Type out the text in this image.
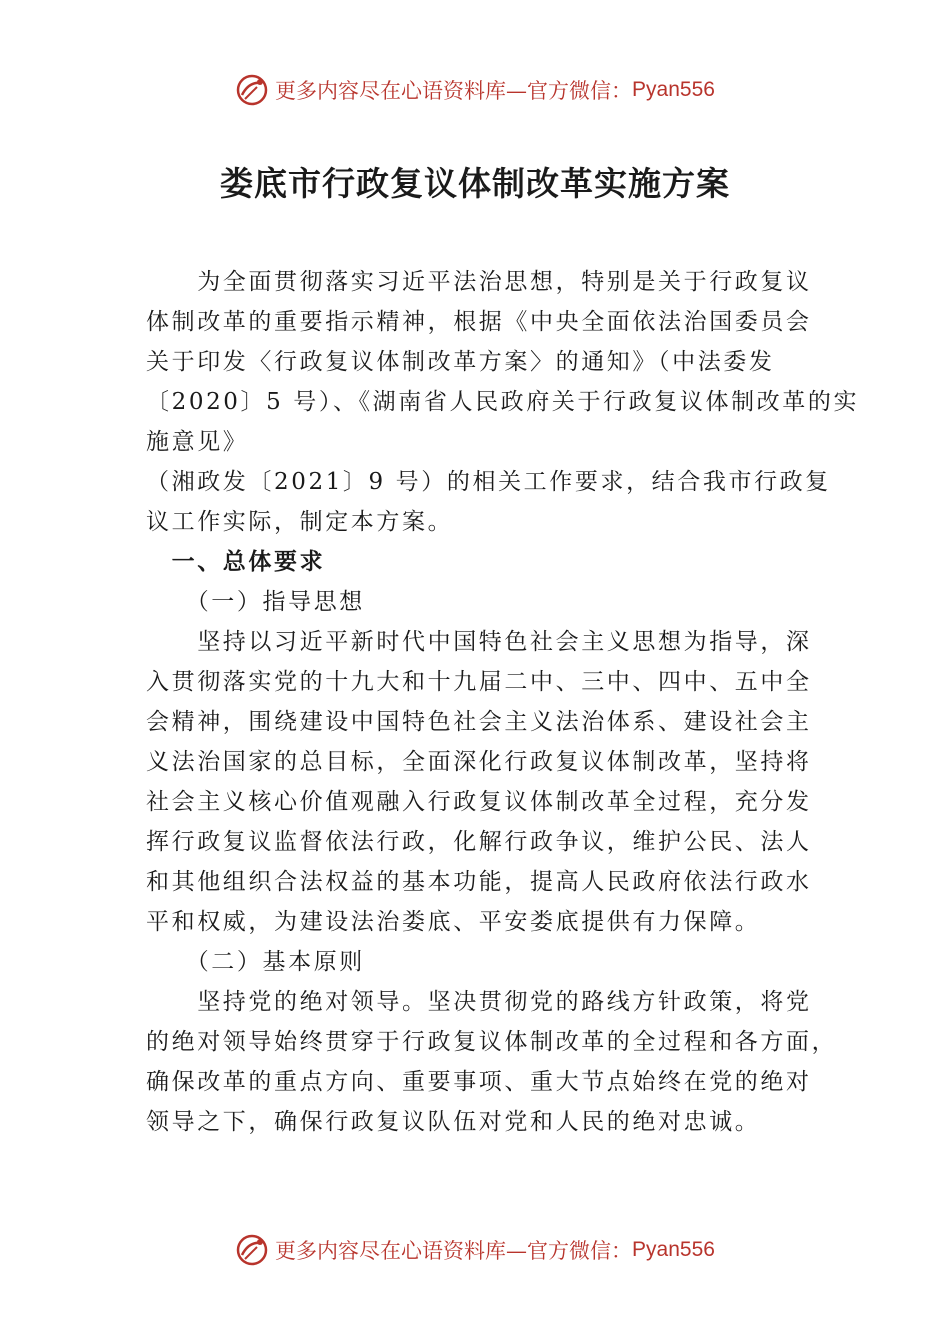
更多内容尽在心语资料库—官方微信： Pyan556
娄底市行政复议体制改革实施方案
　　为全面贯彻落实习近平法治思想，特别是关于行政复议
体制改革的重要指示精神，根据《中央全面依法治国委员会
关于印发〈行政复议体制改革方案〉的通知》（中法委发
〔2020〕5 号）、《湖南省人民政府关于行政复议体制改革的实
施意见》
（湘政发〔2021〕9 号）的相关工作要求，结合我市行政复
议工作实际，制定本方案。
　一、总体要求
　　（一）指导思想
　　坚持以习近平新时代中国特色社会主义思想为指导，深
入贯彻落实党的十九大和十九届二中、三中、四中、五中全
会精神，围绕建设中国特色社会主义法治体系、建设社会主
义法治国家的总目标，全面深化行政复议体制改革，坚持将
社会主义核心价值观融入行政复议体制改革全过程，充分发
挥行政复议监督依法行政，化解行政争议，维护公民、法人
和其他组织合法权益的基本功能，提高人民政府依法行政水
平和权威，为建设法治娄底、平安娄底提供有力保障。
　　（二）基本原则
　　坚持党的绝对领导。坚决贯彻党的路线方针政策，将党
的绝对领导始终贯穿于行政复议体制改革的全过程和各方面，
确保改革的重点方向、重要事项、重大节点始终在党的绝对
领导之下，确保行政复议队伍对党和人民的绝对忠诚。
更多内容尽在心语资料库—官方微信： Pyan556
